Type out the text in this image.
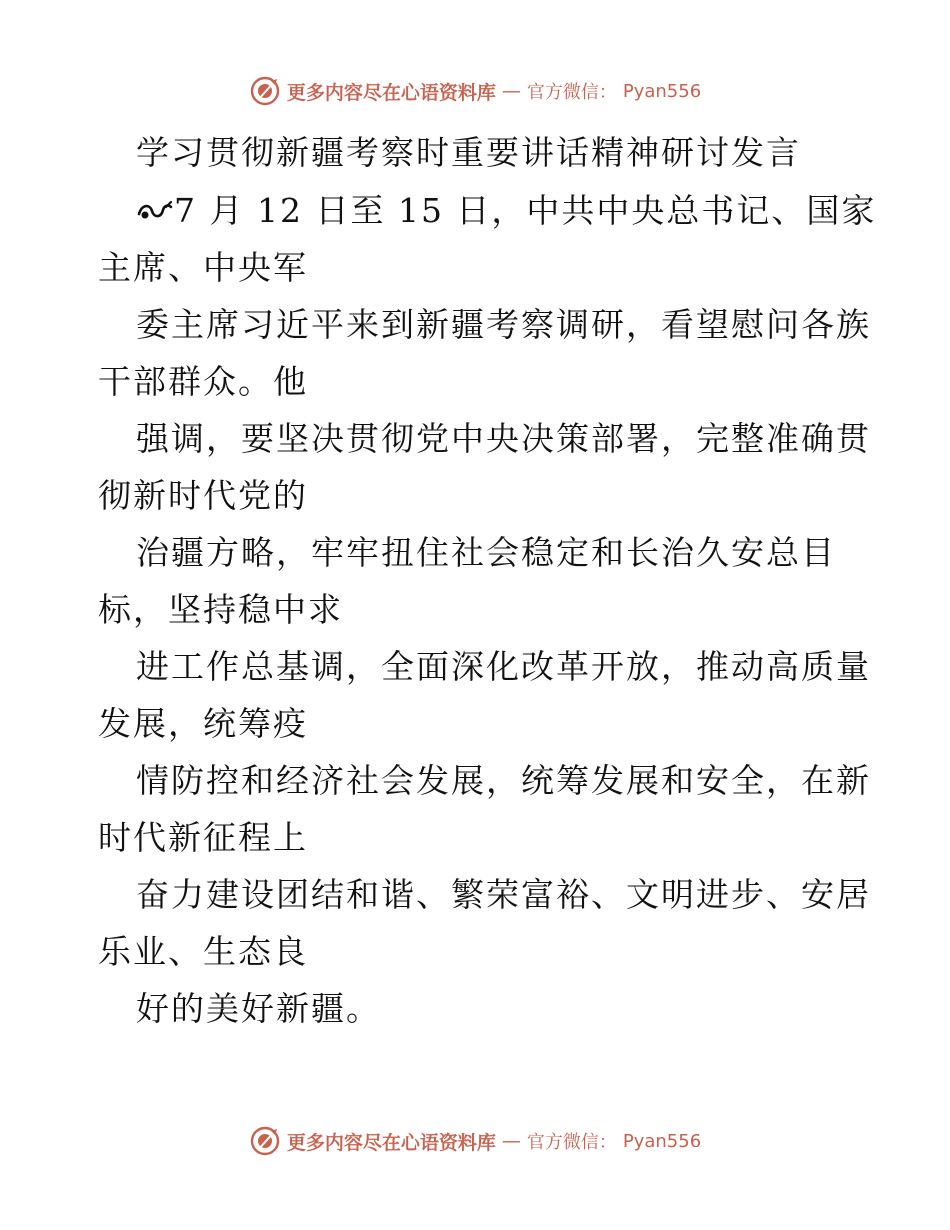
更多内容尽在心语资料库 — 官方微信： Pyan556
学习贯彻新疆考察时重要讲话精神研讨发言
7 月 12 日至 15 日，中共中央总书记、国家
主席、中央军
委主席习近平来到新疆考察调研，看望慰问各族
干部群众。他
强调，要坚决贯彻党中央决策部署，完整准确贯
彻新时代党的
治疆方略，牢牢扭住社会稳定和长治久安总目
标，坚持稳中求
进工作总基调，全面深化改革开放，推动高质量
发展，统筹疫
情防控和经济社会发展，统筹发展和安全，在新
时代新征程上
奋力建设团结和谐、繁荣富裕、文明进步、安居
乐业、生态良
好的美好新疆。
更多内容尽在心语资料库 — 官方微信： Pyan556
